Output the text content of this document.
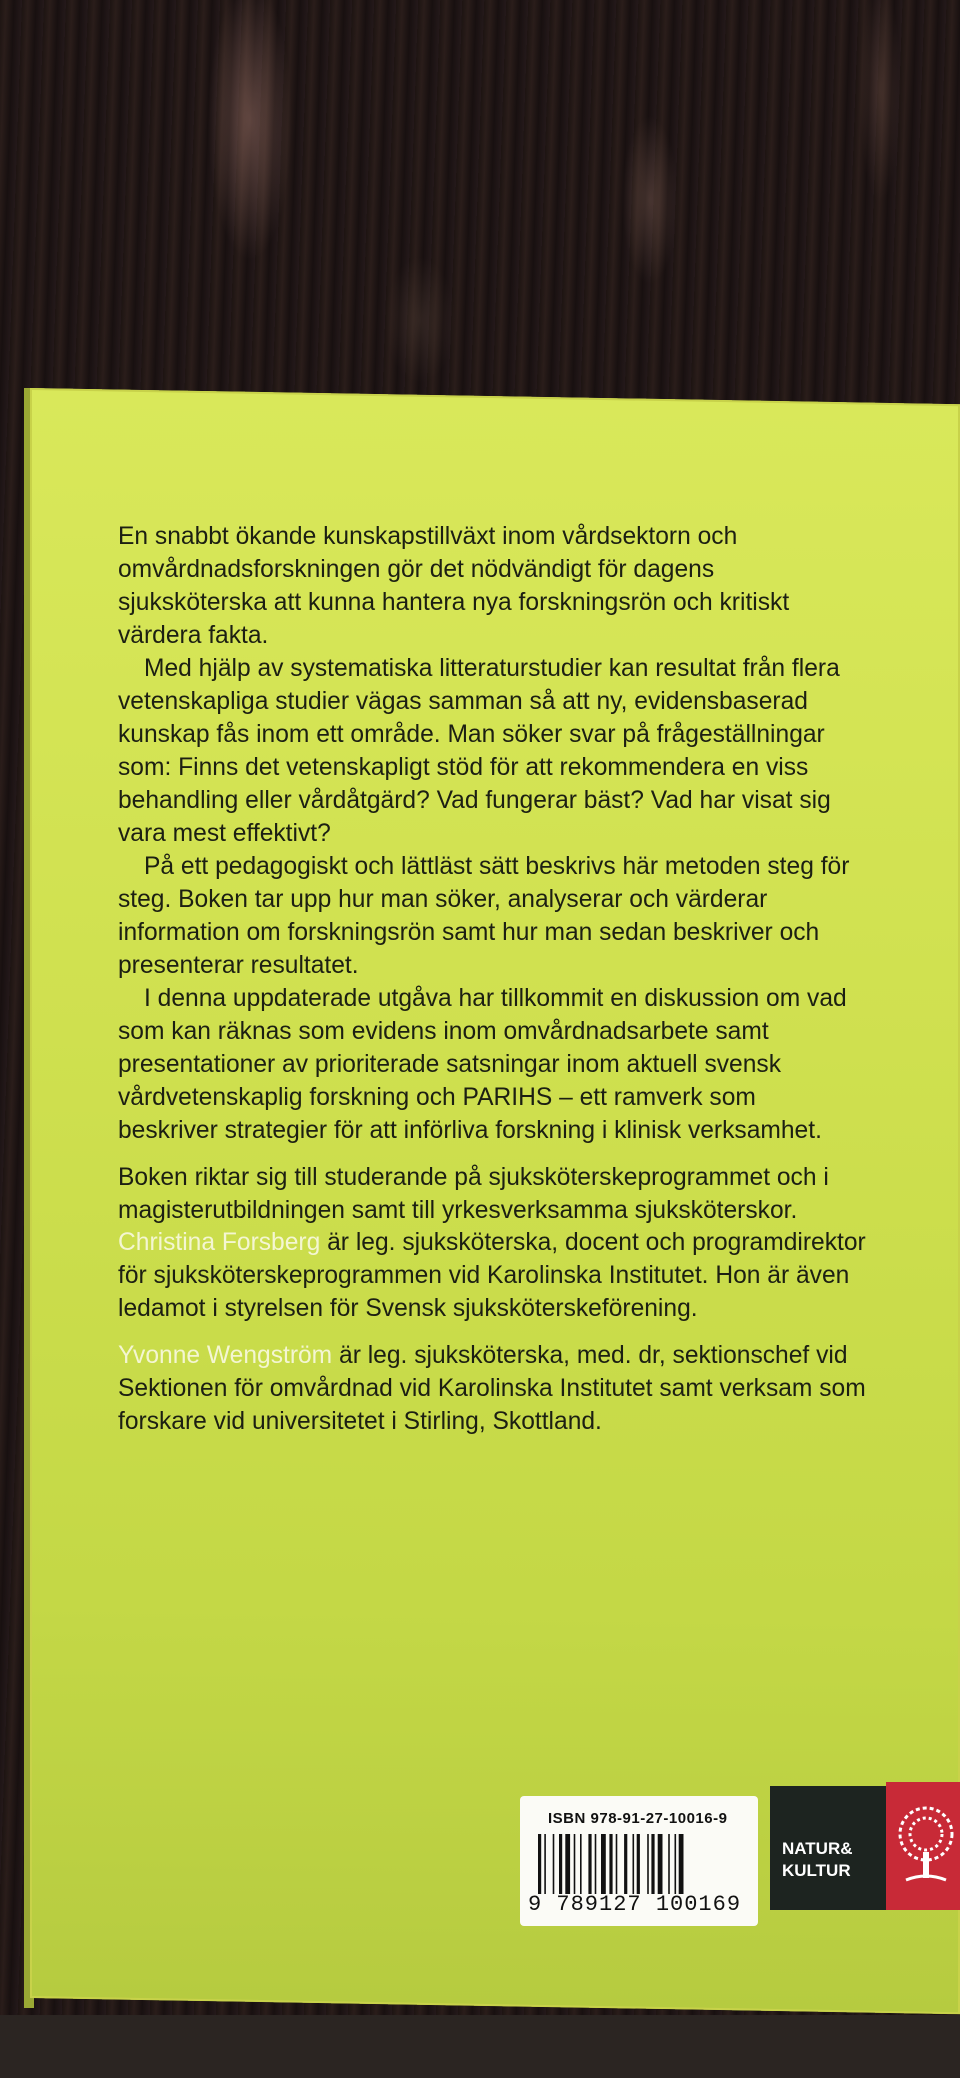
En snabbt ökande kunskapstillväxt inom vårdsektorn och omvårdnadsforskningen gör det nödvändigt för dagens sjuksköterska att kunna hantera nya forskningsrön och kritiskt värdera fakta.

Med hjälp av systematiska litteraturstudier kan resultat från flera vetenskapliga studier vägas samman så att ny, evidensbaserad kunskap fås inom ett område. Man söker svar på frågeställningar som: Finns det vetenskapligt stöd för att rekommendera en viss behandling eller vårdåtgärd? Vad fungerar bäst? Vad har visat sig vara mest effektivt?

På ett pedagogiskt och lättläst sätt beskrivs här metoden steg för steg. Boken tar upp hur man söker, analyserar och värderar information om forskningsrön samt hur man sedan beskriver och presenterar resultatet.

I denna uppdaterade utgåva har tillkommit en diskussion om vad som kan räknas som evidens inom omvårdnadsarbete samt presentationer av prioriterade satsningar inom aktuell svensk vårdvetenskaplig forskning och PARIHS – ett ramverk som beskriver strategier för att införliva forskning i klinisk verksamhet.

Boken riktar sig till studerande på sjuksköterskeprogrammet och i magisterutbildningen samt till yrkesverksamma sjuksköterskor.

Christina Forsberg är leg. sjuksköterska, docent och programdirektor för sjuksköterskeprogrammen vid Karolinska Institutet. Hon är även ledamot i styrelsen för Svensk sjuksköterskeförening.

Yvonne Wengström är leg. sjuksköterska, med. dr, sektionschef vid Sektionen för omvårdnad vid Karolinska Institutet samt verksam som forskare vid universitetet i Stirling, Skottland.

ISBN 978-91-27-10016-9
9 789127 100169
NATUR&
KULTUR
